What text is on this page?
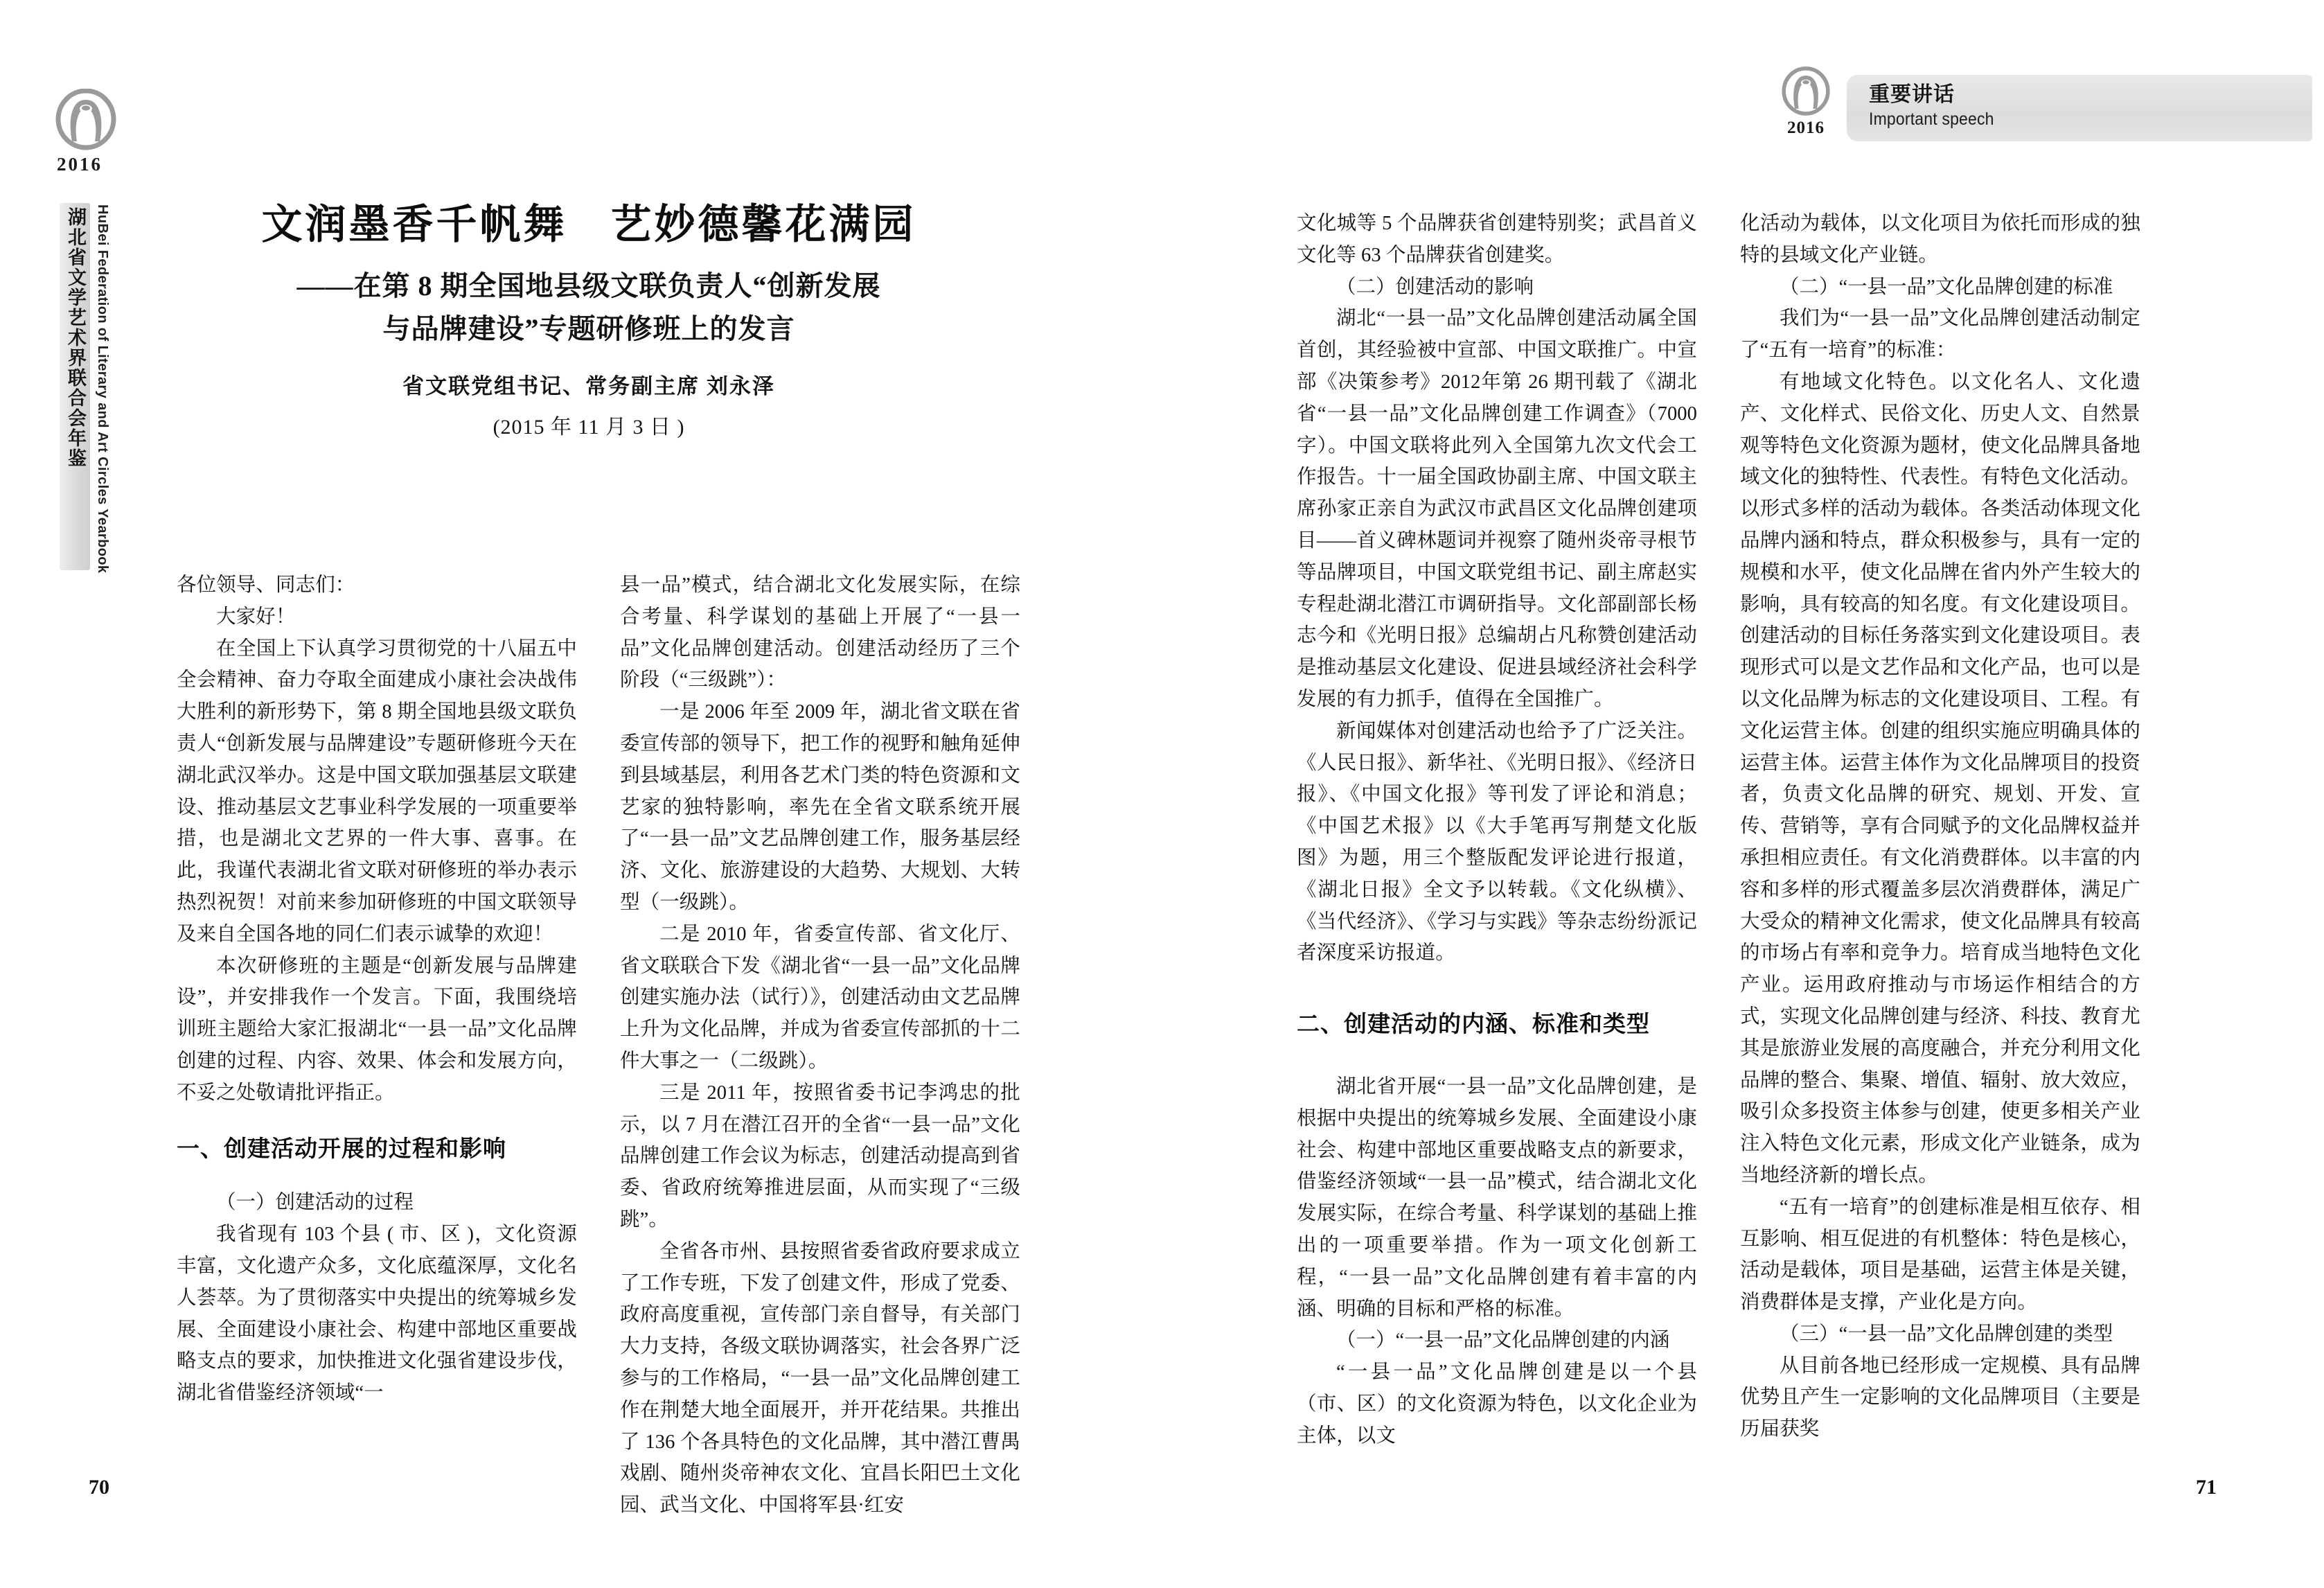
2016
湖北省文学艺术界联合会年鉴 HuBei Federation of Literary and Art Circles Yearbook	文润墨香千帆舞　艺妙德馨花满园
——在第 8 期全国地县级文联负责人“创新发展
与品牌建设”专题研修班上的发言
省文联党组书记、常务副主席 刘永泽
(2015 年 11 月 3 日 )

各位领导、同志们：

大家好！

在全国上下认真学习贯彻党的十八届五中全会精神、奋力夺取全面建成小康社会决战伟大胜利的新形势下，第 8 期全国地县级文联负责人“创新发展与品牌建设”专题研修班今天在湖北武汉举办。这是中国文联加强基层文联建设、推动基层文艺事业科学发展的一项重要举措，也是湖北文艺界的一件大事、喜事。在此，我谨代表湖北省文联对研修班的举办表示热烈祝贺！对前来参加研修班的中国文联领导及来自全国各地的同仁们表示诚挚的欢迎！

本次研修班的主题是“创新发展与品牌建设”，并安排我作一个发言。下面，我围绕培训班主题给大家汇报湖北“一县一品”文化品牌创建的过程、内容、效果、体会和发展方向，不妥之处敬请批评指正。

一、创建活动开展的过程和影响

（一）创建活动的过程

我省现有 103 个县 ( 市、区 )，文化资源丰富，文化遗产众多，文化底蕴深厚，文化名人荟萃。为了贯彻落实中央提出的统筹城乡发展、全面建设小康社会、构建中部地区重要战略支点的要求，加快推进文化强省建设步伐，湖北省借鉴经济领域“一

县一品”模式，结合湖北文化发展实际，在综合考量、科学谋划的基础上开展了“一县一品”文化品牌创建活动。创建活动经历了三个阶段（“三级跳”）：

一是 2006 年至 2009 年，湖北省文联在省委宣传部的领导下，把工作的视野和触角延伸到县域基层，利用各艺术门类的特色资源和文艺家的独特影响，率先在全省文联系统开展了“一县一品”文艺品牌创建工作，服务基层经济、文化、旅游建设的大趋势、大规划、大转型（一级跳）。

二是 2010 年，省委宣传部、省文化厅、省文联联合下发《湖北省“一县一品”文化品牌创建实施办法（试行）》，创建活动由文艺品牌上升为文化品牌，并成为省委宣传部抓的十二件大事之一（二级跳）。

三是 2011 年，按照省委书记李鸿忠的批示，以 7 月在潜江召开的全省“一县一品”文化品牌创建工作会议为标志，创建活动提高到省委、省政府统筹推进层面，从而实现了“三级跳”。

全省各市州、县按照省委省政府要求成立了工作专班，下发了创建文件，形成了党委、政府高度重视，宣传部门亲自督导，有关部门大力支持，各级文联协调落实，社会各界广泛参与的工作格局，“一县一品”文化品牌创建工作在荆楚大地全面展开，并开花结果。共推出了 136 个各具特色的文化品牌，其中潜江曹禺戏剧、随州炎帝神农文化、宜昌长阳巴土文化园、武当文化、中国将军县·红安

70
2016
重要讲话
Important speech

文化城等 5 个品牌获省创建特别奖；武昌首义文化等 63 个品牌获省创建奖。

（二）创建活动的影响

湖北“一县一品”文化品牌创建活动属全国首创，其经验被中宣部、中国文联推广。中宣部《决策参考》2012年第 26 期刊载了《湖北省“一县一品”文化品牌创建工作调查》（7000 字）。中国文联将此列入全国第九次文代会工作报告。十一届全国政协副主席、中国文联主席孙家正亲自为武汉市武昌区文化品牌创建项目——首义碑林题词并视察了随州炎帝寻根节等品牌项目，中国文联党组书记、副主席赵实专程赴湖北潜江市调研指导。文化部副部长杨志今和《光明日报》总编胡占凡称赞创建活动是推动基层文化建设、促进县域经济社会科学发展的有力抓手，值得在全国推广。

新闻媒体对创建活动也给予了广泛关注。《人民日报》、新华社、《光明日报》、《经济日报》、《中国文化报》等刊发了评论和消息；《中国艺术报》以《大手笔再写荆楚文化版图》为题，用三个整版配发评论进行报道，《湖北日报》全文予以转载。《文化纵横》、《当代经济》、《学习与实践》等杂志纷纷派记者深度采访报道。

二、创建活动的内涵、标准和类型

湖北省开展“一县一品”文化品牌创建，是根据中央提出的统筹城乡发展、全面建设小康社会、构建中部地区重要战略支点的新要求，借鉴经济领域“一县一品”模式，结合湖北文化发展实际，在综合考量、科学谋划的基础上推出的一项重要举措。作为一项文化创新工程，“一县一品”文化品牌创建有着丰富的内涵、明确的目标和严格的标准。

（一）“一县一品”文化品牌创建的内涵

“一县一品”文化品牌创建是以一个县（市、区）的文化资源为特色，以文化企业为主体，以文

化活动为载体，以文化项目为依托而形成的独特的县域文化产业链。

（二）“一县一品”文化品牌创建的标准

我们为“一县一品”文化品牌创建活动制定了“五有一培育”的标准：

有地域文化特色。以文化名人、文化遗产、文化样式、民俗文化、历史人文、自然景观等特色文化资源为题材，使文化品牌具备地域文化的独特性、代表性。有特色文化活动。以形式多样的活动为载体。各类活动体现文化品牌内涵和特点，群众积极参与，具有一定的规模和水平，使文化品牌在省内外产生较大的影响，具有较高的知名度。有文化建设项目。创建活动的目标任务落实到文化建设项目。表现形式可以是文艺作品和文化产品，也可以是以文化品牌为标志的文化建设项目、工程。有文化运营主体。创建的组织实施应明确具体的运营主体。运营主体作为文化品牌项目的投资者，负责文化品牌的研究、规划、开发、宣传、营销等，享有合同赋予的文化品牌权益并承担相应责任。有文化消费群体。以丰富的内容和多样的形式覆盖多层次消费群体，满足广大受众的精神文化需求，使文化品牌具有较高的市场占有率和竞争力。培育成当地特色文化产业。运用政府推动与市场运作相结合的方式，实现文化品牌创建与经济、科技、教育尤其是旅游业发展的高度融合，并充分利用文化品牌的整合、集聚、增值、辐射、放大效应，吸引众多投资主体参与创建，使更多相关产业注入特色文化元素，形成文化产业链条，成为当地经济新的增长点。

“五有一培育”的创建标准是相互依存、相互影响、相互促进的有机整体：特色是核心，活动是载体，项目是基础，运营主体是关键，消费群体是支撑，产业化是方向。

（三）“一县一品”文化品牌创建的类型

从目前各地已经形成一定规模、具有品牌优势且产生一定影响的文化品牌项目（主要是历届获奖

71
